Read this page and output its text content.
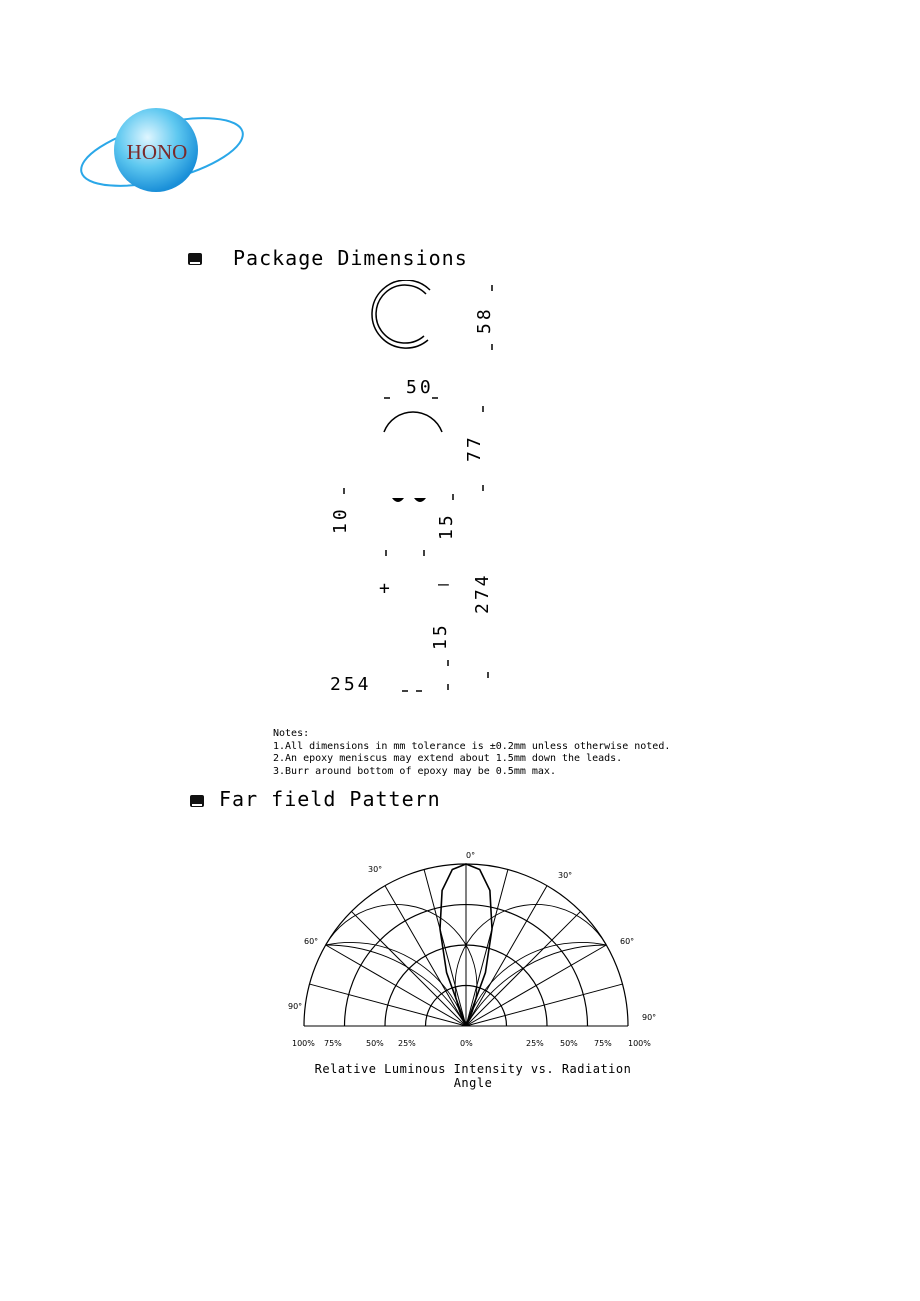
HONO
Package Dimensions
58
50
77
10	15
+	– 274
15
254
Notes:
1.All dimensions in mm tolerance is ±0.2mm unless otherwise noted.
2.An epoxy meniscus may extend about 1.5mm down the leads.
3.Burr around bottom of epoxy may be 0.5mm max.
Far field Pattern
0°
30°
30°
60°	60°
90°
90°
100% 75%	50% 25%	0%	25% 50% 75% 100%
Relative Luminous Intensity vs. Radiation Angle
